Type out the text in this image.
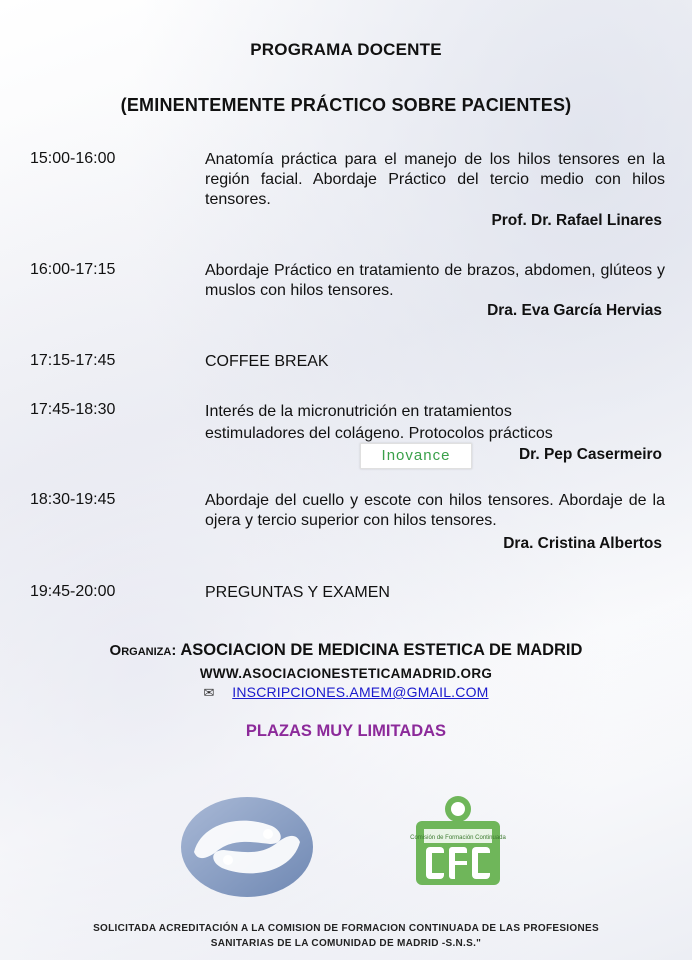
PROGRAMA DOCENTE
(EMINENTEMENTE PRÁCTICO SOBRE PACIENTES)
15:00-16:00	Anatomía práctica para el manejo de los hilos tensores en la región facial. Abordaje Práctico del tercio medio con hilos tensores.
Prof. Dr. Rafael Linares
16:00-17:15	Abordaje Práctico en tratamiento de brazos, abdomen, glúteos y muslos con hilos tensores.
Dra. Eva García Hervias
17:15-17:45	COFFEE BREAK
17:45-18:30	Interés de la micronutrición en tratamientos estimuladores del colágeno. Protocolos prácticos
Inovance	Dr. Pep Casermeiro
18:30-19:45	Abordaje del cuello y escote con hilos tensores. Abordaje de la ojera y tercio superior con hilos tensores.
Dra. Cristina Albertos
19:45-20:00	PREGUNTAS Y EXAMEN
Organiza: ASOCIACION DE MEDICINA ESTETICA DE MADRID
WWW.ASOCIACIONESTETICAMADRID.ORG
✉ INSCRIPCIONES.AMEM@GMAIL.COM
PLAZAS MUY LIMITADAS
Comisión de Formación Continuada
SOLICITADA ACREDITACIÓN A LA COMISION DE FORMACION CONTINUADA DE LAS PROFESIONES
SANITARIAS DE LA COMUNIDAD DE MADRID -S.N.S."
